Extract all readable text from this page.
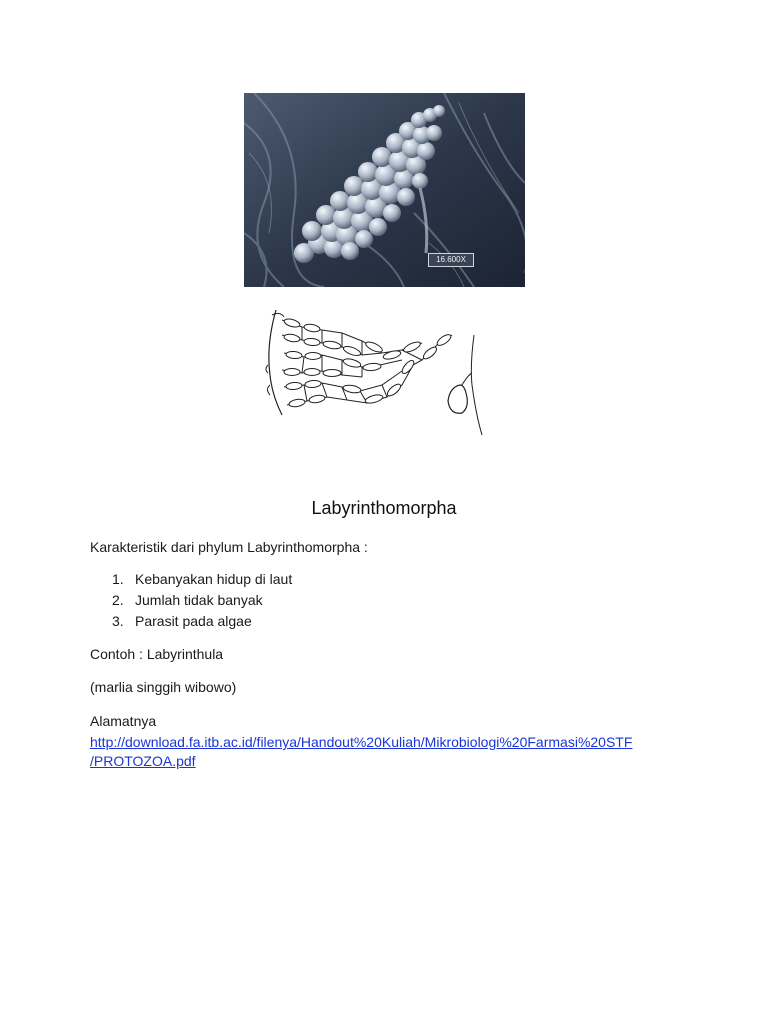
16.600X
Labyrinthomorpha
Karakteristik dari phylum Labyrinthomorpha :
1. Kebanyakan hidup di laut
2. Jumlah tidak banyak
3. Parasit pada algae
Contoh : Labyrinthula
(marlia singgih wibowo)
Alamatnya
http://download.fa.itb.ac.id/filenya/Handout%20Kuliah/Mikrobiologi%20Farmasi%20STF
/PROTOZOA.pdf
